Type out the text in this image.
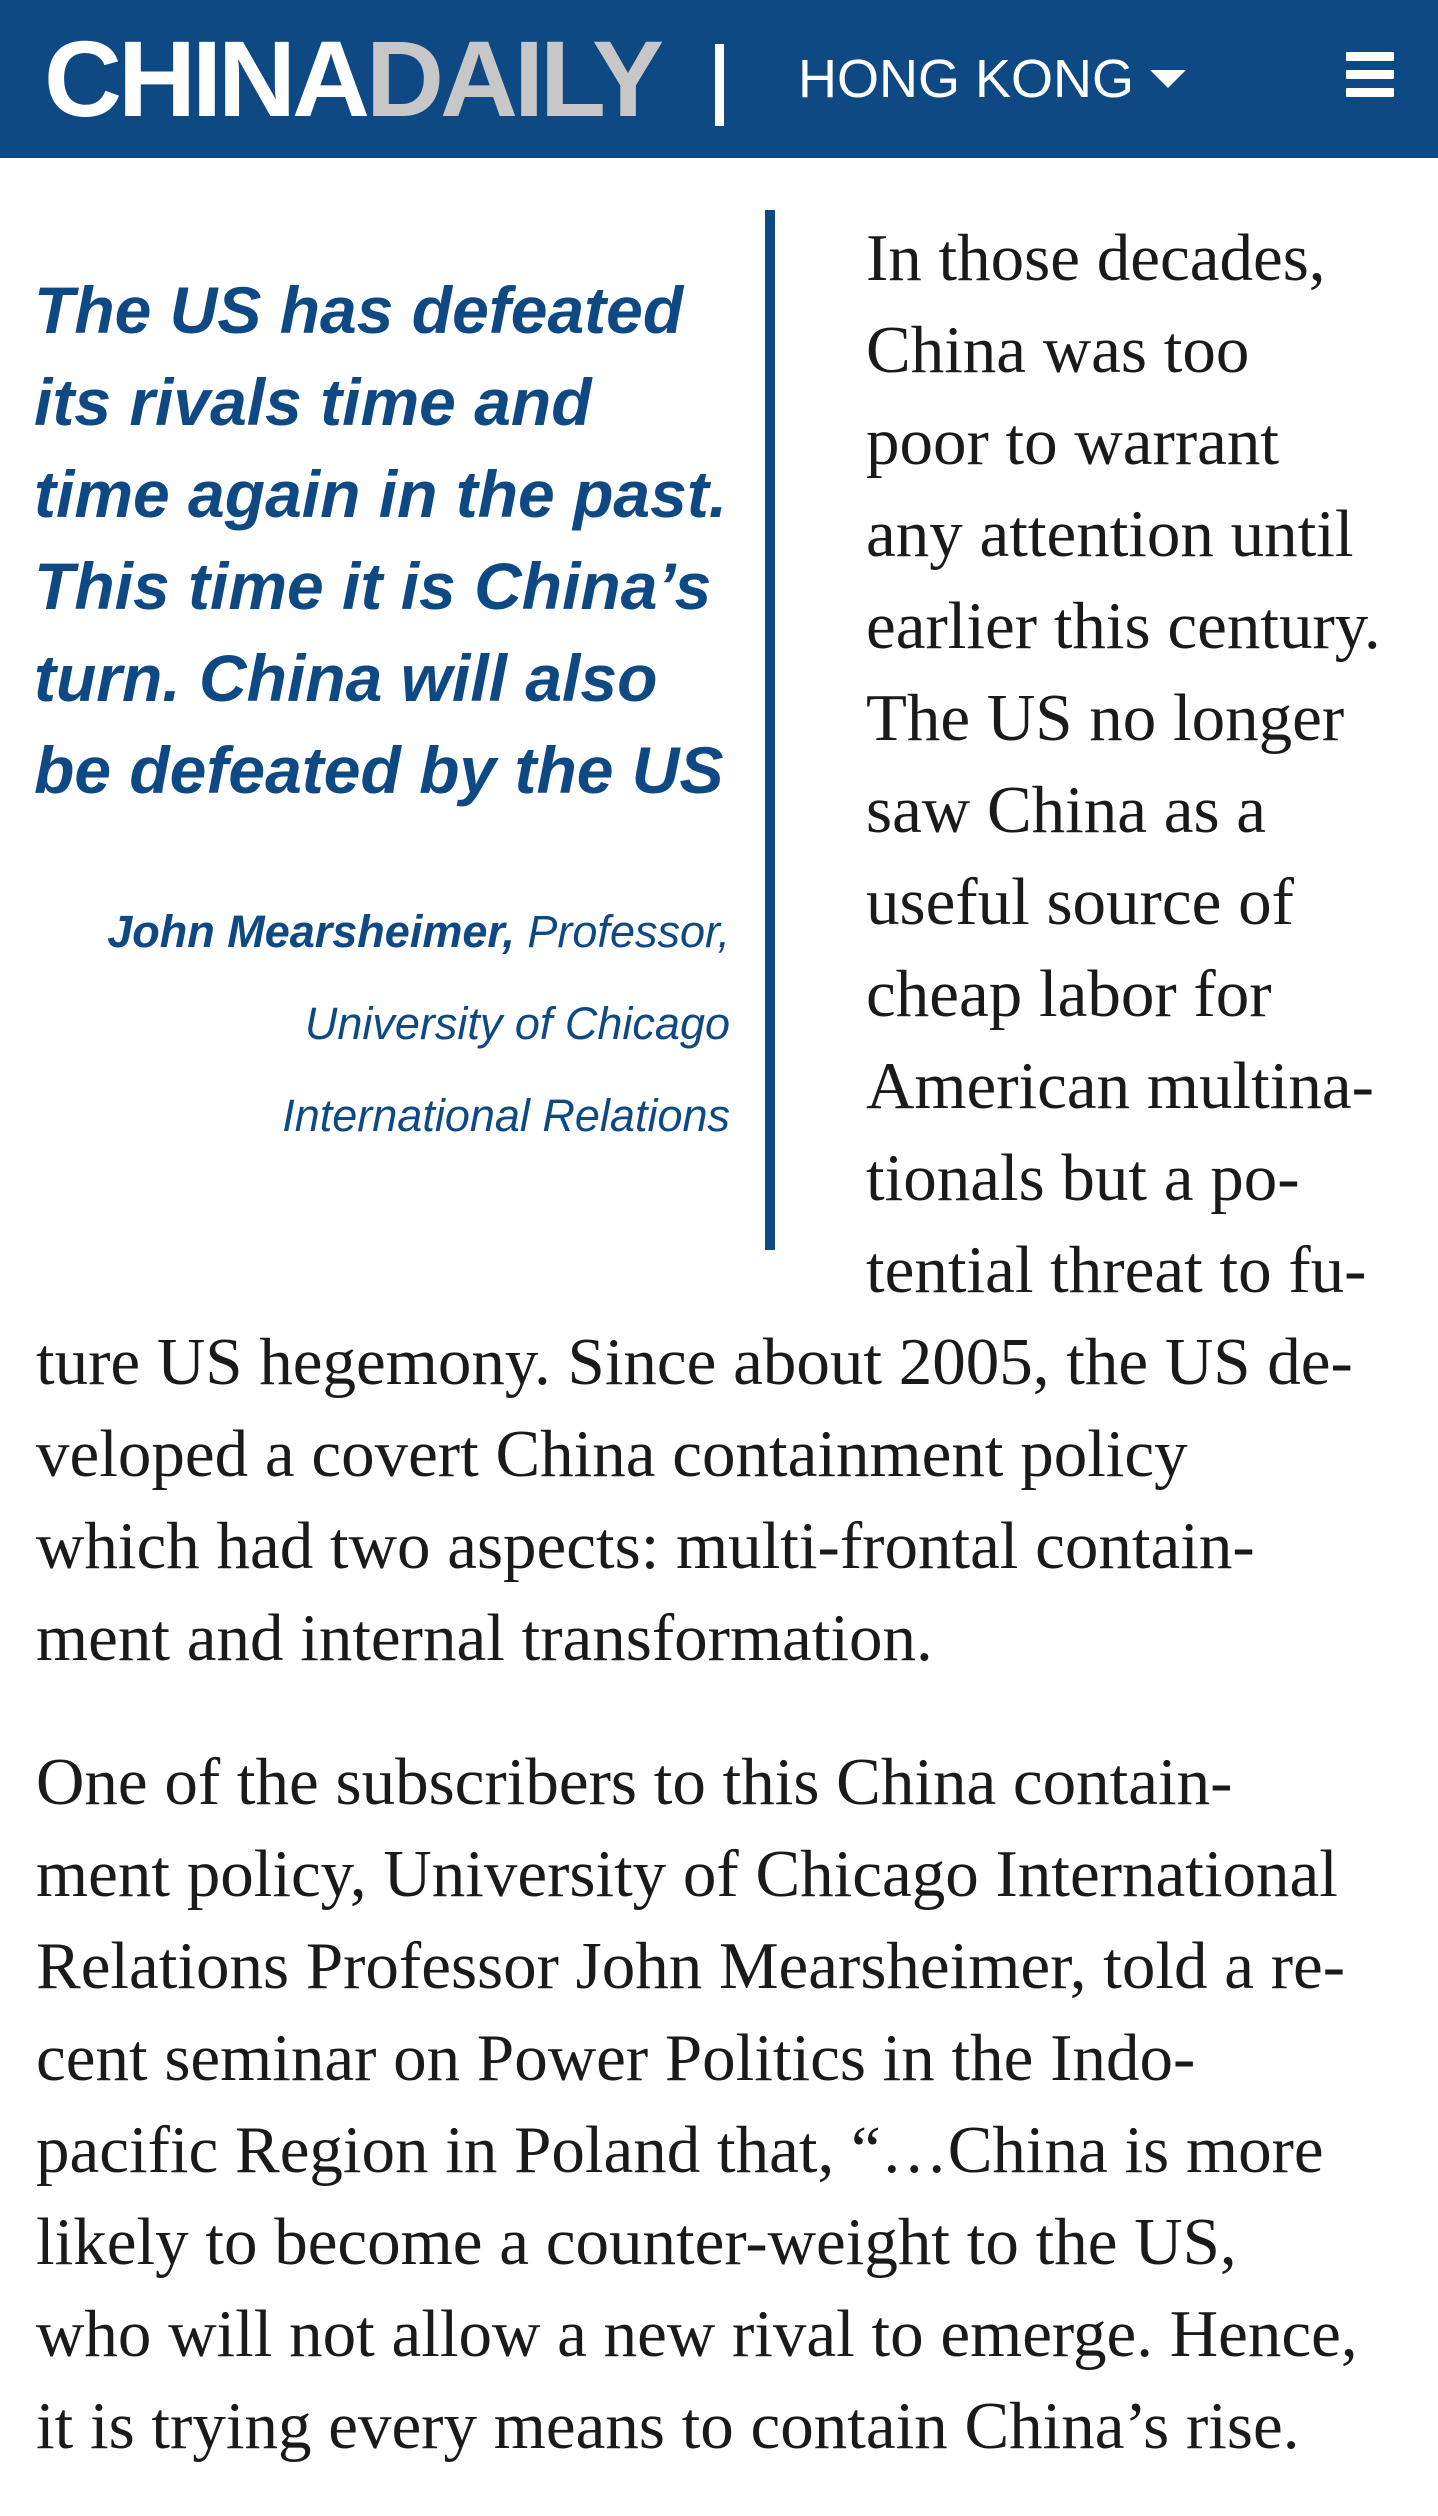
CHINADAILY	HONG KONG
The US has defeated
its rivals time and
time again in the past.
This time it is China’s
turn. China will also
be defeated by the US
John Mearsheimer, Professor,
University of Chicago
International Relations
In those decades,
China was too
poor to warrant
any attention until
earlier this century.
The US no longer
saw China as a
useful source of
cheap labor for
American multina-
tionals but a po-
tential threat to fu-
ture US hegemony. Since about 2005, the US de-
veloped a covert China containment policy
which had two aspects: multi-frontal contain-
ment and internal transformation.
One of the subscribers to this China contain-
ment policy, University of Chicago International
Relations Professor John Mearsheimer, told a re-
cent seminar on Power Politics in the Indo-
pacific Region in Poland that, “…China is more
likely to become a counter-weight to the US,
who will not allow a new rival to emerge. Hence,
it is trying every means to contain China’s rise.
